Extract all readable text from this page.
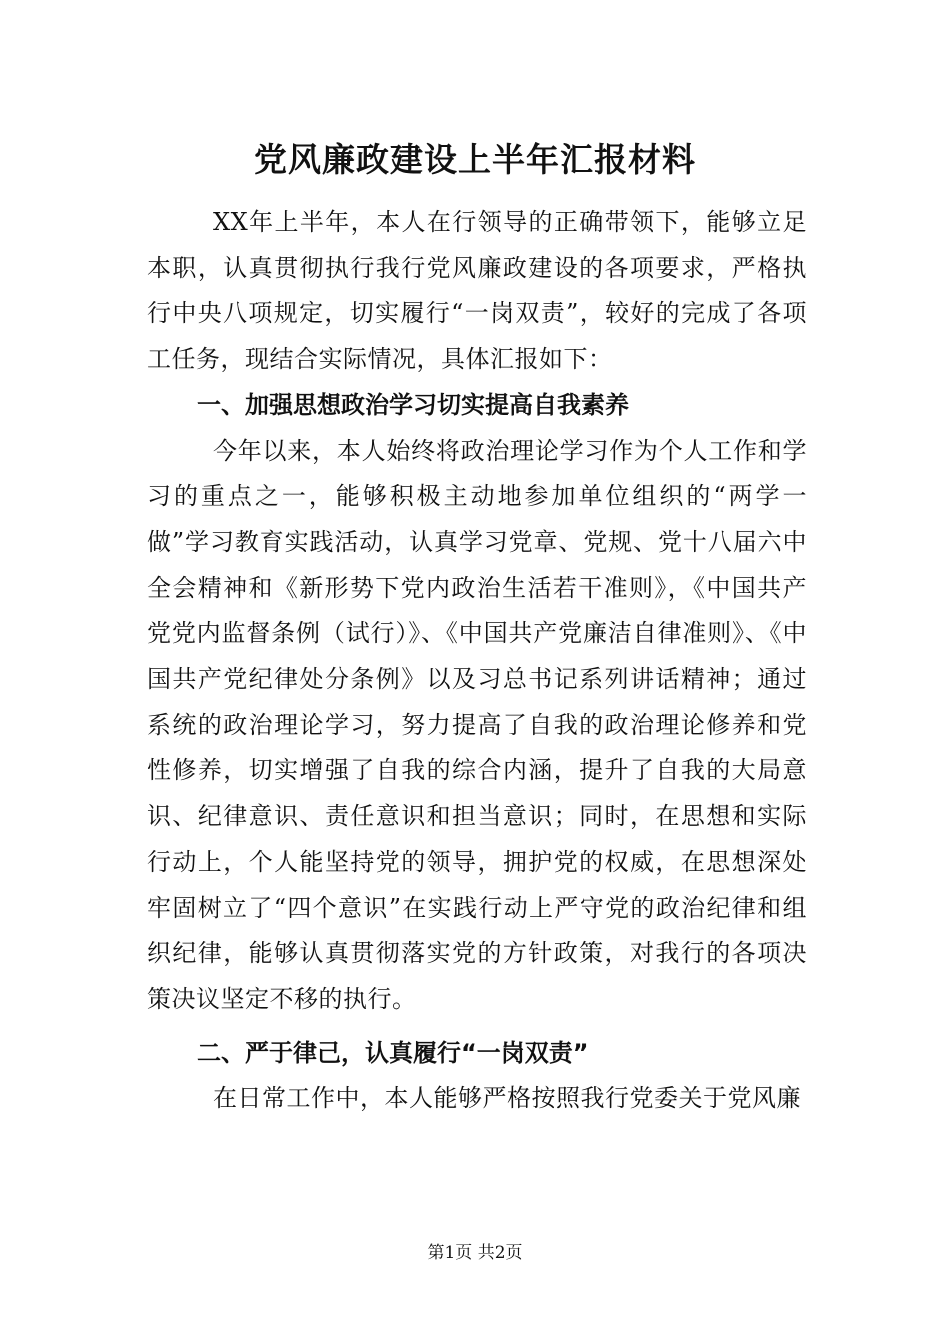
党风廉政建设上半年汇报材料

XX年上半年，本人在行领导的正确带领下，能够立足本职，认真贯彻执行我行党风廉政建设的各项要求，严格执行中央八项规定，切实履行“一岗双责”，较好的完成了各项工任务，现结合实际情况，具体汇报如下：

一、加强思想政治学习切实提高自我素养

今年以来，本人始终将政治理论学习作为个人工作和学习的重点之一，能够积极主动地参加单位组织的“两学一做”学习教育实践活动，认真学习党章、党规、党十八届六中全会精神和《新形势下党内政治生活若干准则》，《中国共产党党内监督条例（试行）》、《中国共产党廉洁自律准则》、《中国共产党纪律处分条例》以及习总书记系列讲话精神；通过系统的政治理论学习，努力提高了自我的政治理论修养和党性修养，切实增强了自我的综合内涵，提升了自我的大局意识、纪律意识、责任意识和担当意识；同时，在思想和实际行动上，个人能坚持党的领导，拥护党的权威，在思想深处牢固树立了“四个意识”在实践行动上严守党的政治纪律和组织纪律，能够认真贯彻落实党的方针政策，对我行的各项决策决议坚定不移的执行。

二、严于律己，认真履行“一岗双责”

在日常工作中，本人能够严格按照我行党委关于党风廉

第1页 共2页
